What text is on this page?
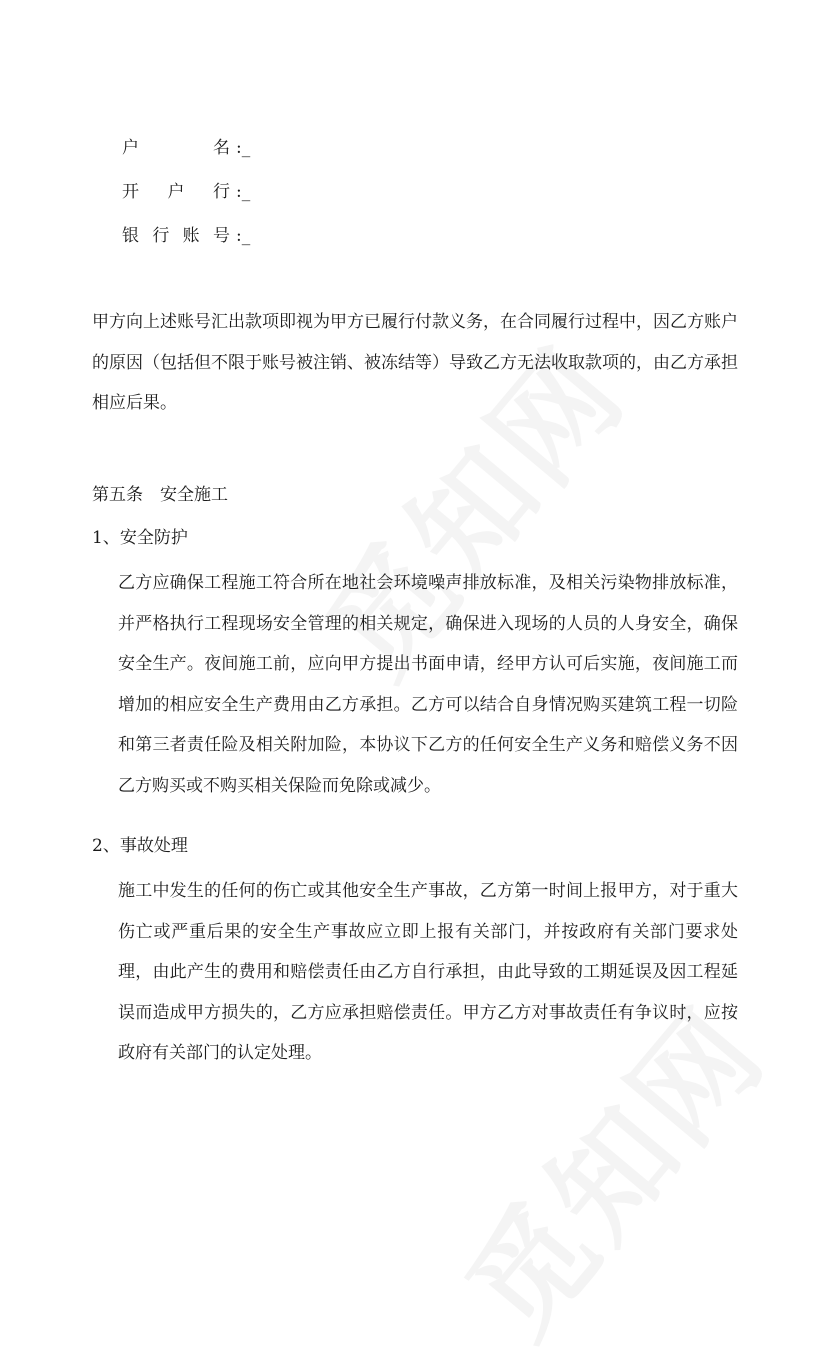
户	名 :_
开 户 行 :_
银 行 账 号 :_

甲方向上述账号汇出款项即视为甲方已履行付款义务，在合同履行过程中，因乙方账户的原因（包括但不限于账号被注销、被冻结等）导致乙方无法收取款项的，由乙方承担相应后果。

第五条　安全施工

1、安全防护

乙方应确保工程施工符合所在地社会环境噪声排放标准，及相关污染物排放标准，并严格执行工程现场安全管理的相关规定，确保进入现场的人员的人身安全，确保安全生产。夜间施工前，应向甲方提出书面申请，经甲方认可后实施，夜间施工而增加的相应安全生产费用由乙方承担。乙方可以结合自身情况购买建筑工程一切险和第三者责任险及相关附加险，本协议下乙方的任何安全生产义务和赔偿义务不因乙方购买或不购买相关保险而免除或减少。

2、事故处理

施工中发生的任何的伤亡或其他安全生产事故，乙方第一时间上报甲方，对于重大伤亡或严重后果的安全生产事故应立即上报有关部门，并按政府有关部门要求处理，由此产生的费用和赔偿责任由乙方自行承担，由此导致的工期延误及因工程延误而造成甲方损失的，乙方应承担赔偿责任。甲方乙方对事故责任有争议时，应按政府有关部门的认定处理。
